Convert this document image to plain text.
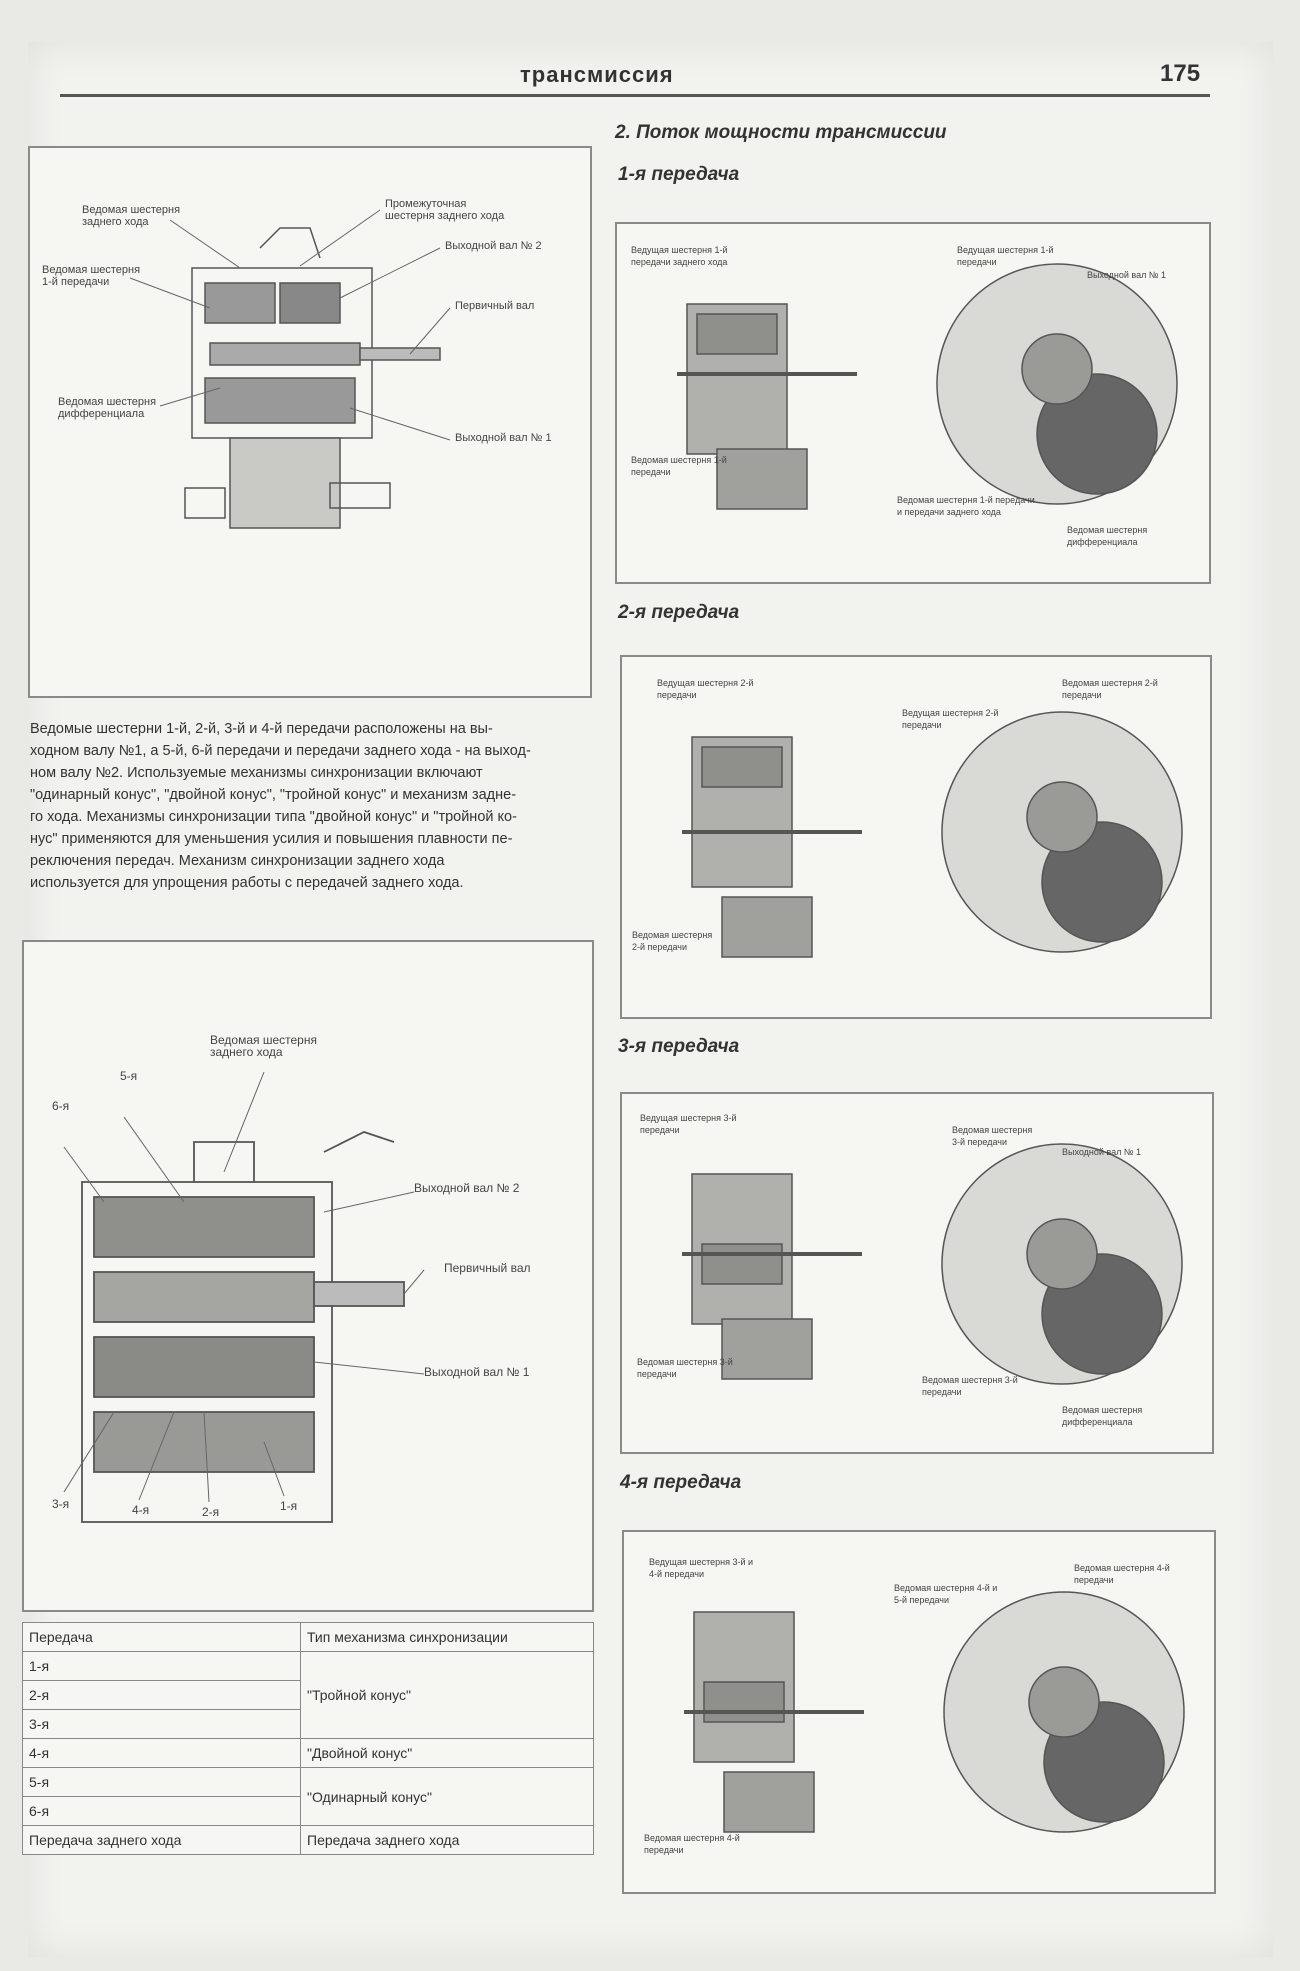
трансмиссия	175
Ведомая шестерня заднего хода
Промежуточная шестерня заднего хода
Выходной вал № 2
Ведомая шестерня 1-й передачи
Первичный вал
Ведомая шестерня дифференциала
Выходной вал № 1
Ведомые шестерни 1-й, 2-й, 3-й и 4-й передачи расположены на вы-
ходном валу №1, а 5-й, 6-й передачи и передачи заднего хода - на выход-
ном валу №2. Используемые механизмы синхронизации включают
"одинарный конус", "двойной конус", "тройной конус" и механизм задне-
го хода. Механизмы синхронизации типа "двойной конус" и "тройной ко-
нус" применяются для уменьшения усилия и повышения плавности пе-
реключения передач. Механизм синхронизации заднего хода
используется для упрощения работы с передачей заднего хода.
Ведомая шестерня заднего хода
5-я
6-я
Выходной вал № 2
Первичный вал
Выходной вал № 1
3-я	4-я	2-я	1-я
Передача	Тип механизма синхронизации
1-я	"Тройной конус"
2-я	
3-я	
4-я	"Двойной конус"
5-я	"Одинарный конус"
6-я	
Передача заднего хода	Передача заднего хода
2. Поток мощности трансмиссии
1-я передача
Ведущая шестерня 1-й передачи заднего хода
Ведущая шестерня 1-й передачи
Выходной вал № 1
Ведомая шестерня 1-й передачи
Ведомая шестерня 1-й передачи и передачи заднего хода
Ведомая шестерня дифференциала
2-я передача
Ведущая шестерня 2-й передачи
Ведущая шестерня 2-й передачи
Ведомая шестерня 2-й передачи
Ведомая шестерня 2-й передачи
3-я передача
Ведущая шестерня 3-й передачи	Ведомая шестерня 3-й передачи
Выходной вал № 1
Ведомая шестерня 3-й передачи
Ведомая шестерня 3-й передачи
Ведомая шестерня дифференциала
4-я передача
Ведущая шестерня 3-й и 4-й передачи
Ведомая шестерня 4-й и 5-й передачи
Ведомая шестерня 4-й передачи
Ведомая шестерня 4-й передачи
